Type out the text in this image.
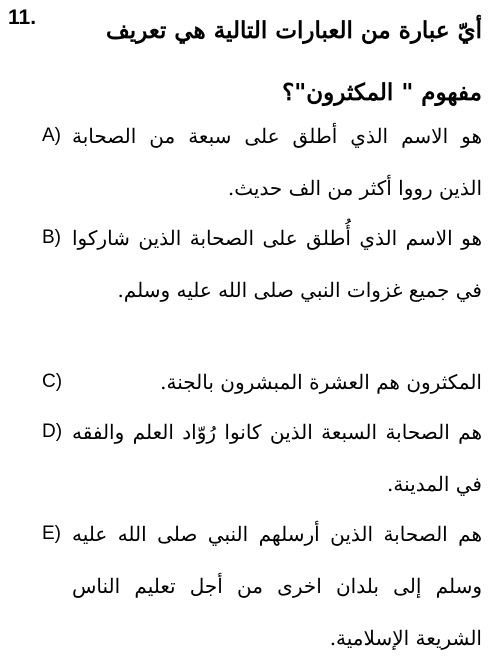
11.	أيّ عبارة من العبارات التالية هي تعريف مفهوم " المكثرون"؟
A) هو الاسم الذي أطلق على سبعة من الصحابة الذين رووا أكثر من الف حديث.
B) هو الاسم الذي أُطلق على الصحابة الذين شاركوا في جميع غزوات النبي صلى الله عليه وسلم.
C)	المكثرون هم العشرة المبشرون بالجنة.
D) هم الصحابة السبعة الذين كانوا رُوّاد العلم والفقه في المدينة.
E) هم الصحابة الذين أرسلهم النبي صلى الله عليه وسلم إلى بلدان اخرى من أجل تعليم الناس الشريعة الإسلامية.
